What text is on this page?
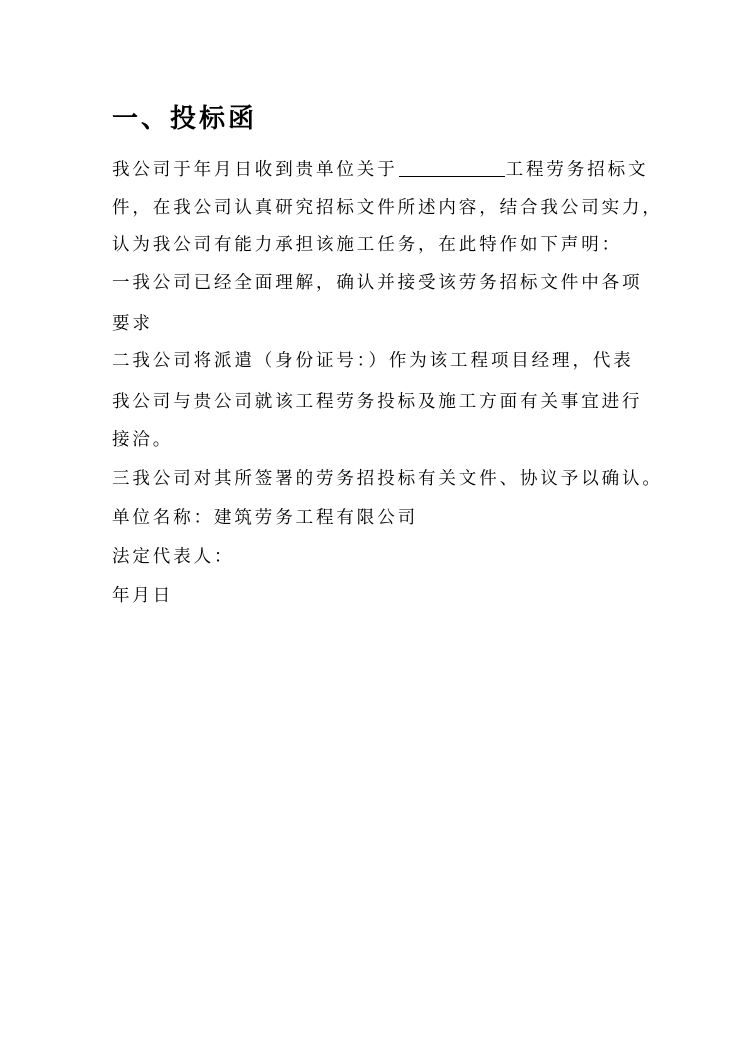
一、投标函
我公司于年月日收到贵单位关于	工程劳务招标文
件，在我公司认真研究招标文件所述内容，结合我公司实力，
认为我公司有能力承担该施工任务，在此特作如下声明：
一我公司已经全面理解，确认并接受该劳务招标文件中各项
要求
二我公司将派遣（身份证号：）作为该工程项目经理，代表
我公司与贵公司就该工程劳务投标及施工方面有关事宜进行
接洽。
三我公司对其所签署的劳务招投标有关文件、协议予以确认。
单位名称：建筑劳务工程有限公司
法定代表人：
年月日
